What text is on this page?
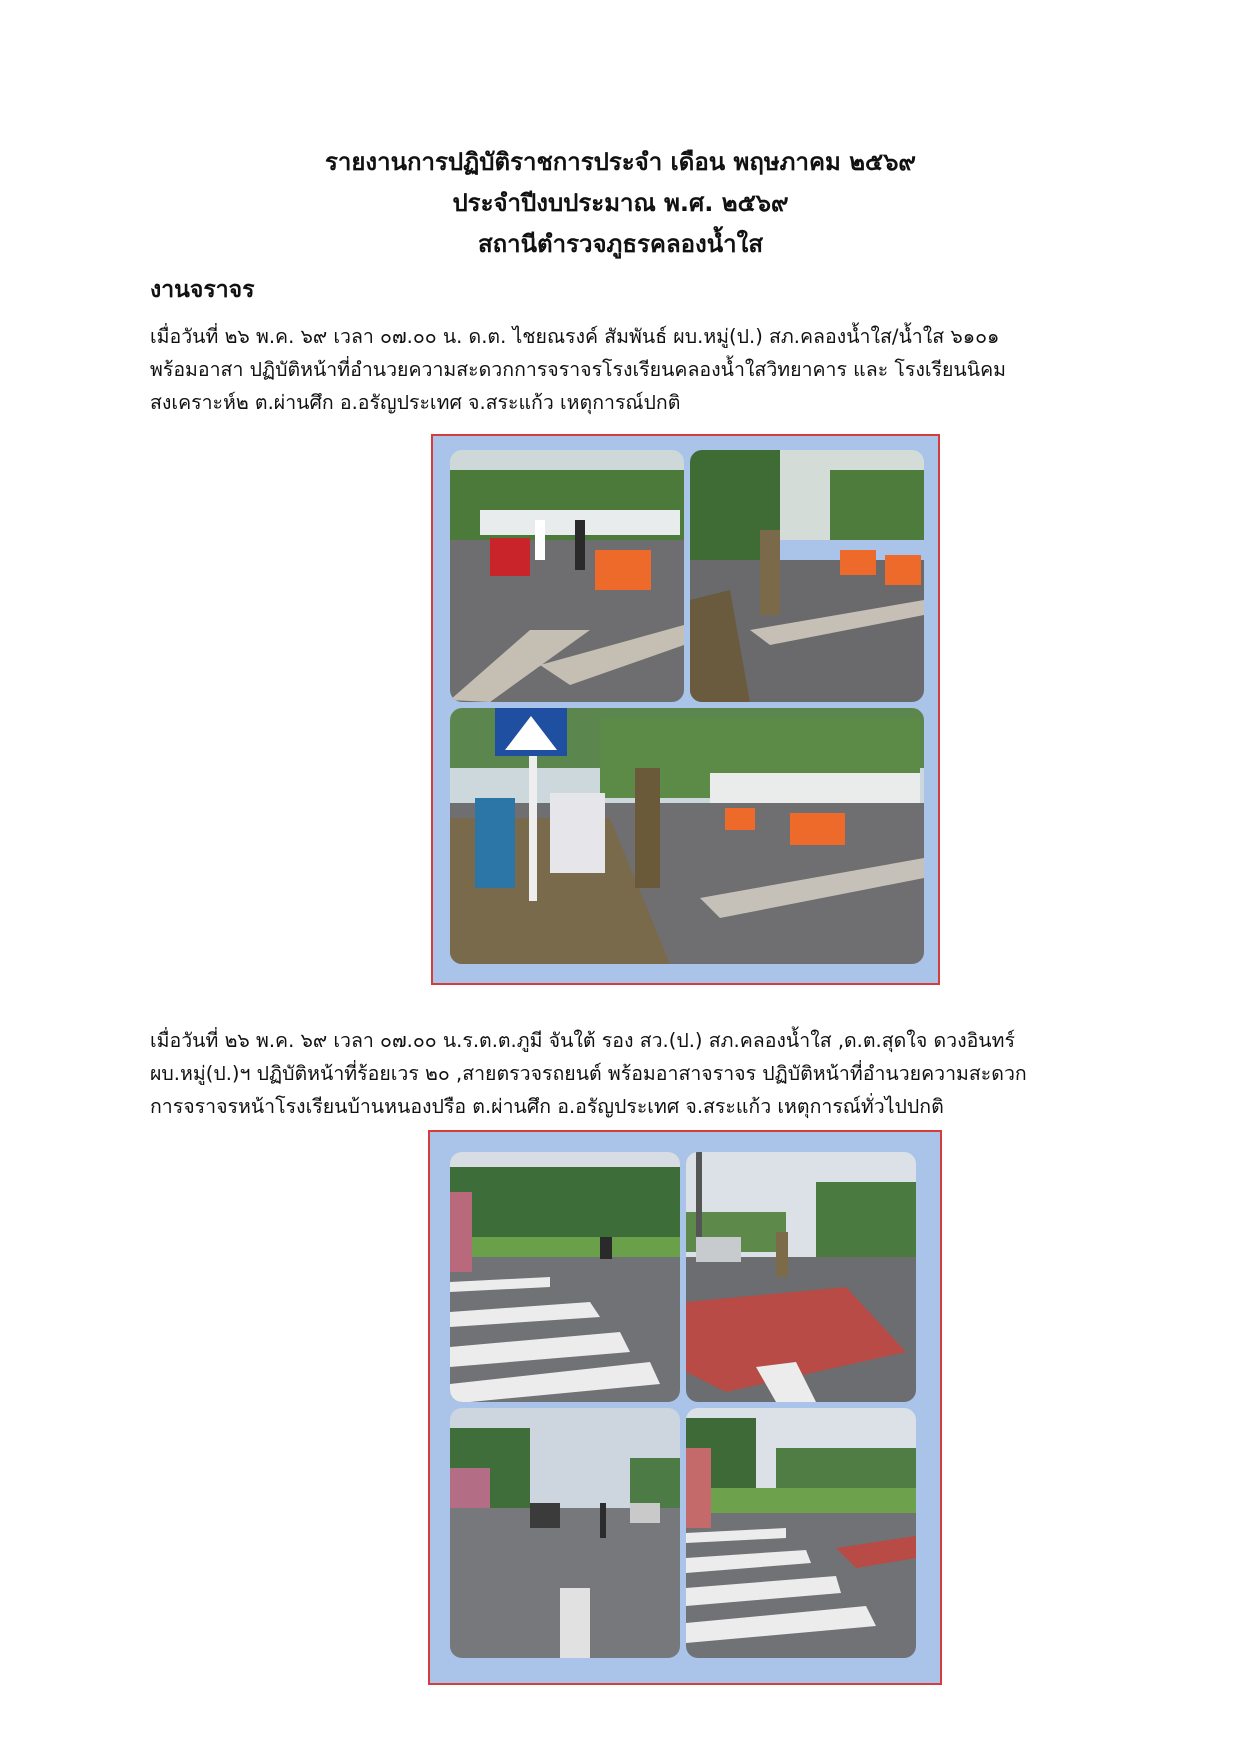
รายงานการปฏิบัติราชการประจำ เดือน พฤษภาคม ๒๕๖๙
ประจำปีงบประมาณ พ.ศ. ๒๕๖๙
สถานีตำรวจภูธรคลองน้ำใส
งานจราจร
เมื่อวันที่ ๒๖ พ.ค. ๖๙ เวลา ๐๗.๐๐ น. ด.ต. ไชยณรงค์ สัมพันธ์ ผบ.หมู่(ป.) สภ.คลองน้ำใส/น้ำใส ๖๑๐๑
พร้อมอาสา ปฏิบัติหน้าที่อำนวยความสะดวกการจราจรโรงเรียนคลองน้ำใสวิทยาคาร และ โรงเรียนนิคม
สงเคราะห์๒ ต.ผ่านศึก อ.อรัญประเทศ จ.สระแก้ว เหตุการณ์ปกติ
เมื่อวันที่ ๒๖ พ.ค. ๖๙ เวลา ๐๗.๐๐ น.ร.ต.ต.ภูมี จันใต้ รอง สว.(ป.) สภ.คลองน้ำใส ,ด.ต.สุดใจ ดวงอินทร์
ผบ.หมู่(ป.)ฯ ปฏิบัติหน้าที่ร้อยเวร ๒๐ ,สายตรวจรถยนต์ พร้อมอาสาจราจร ปฏิบัติหน้าที่อำนวยความสะดวก
การจราจรหน้าโรงเรียนบ้านหนองปรือ ต.ผ่านศึก อ.อรัญประเทศ จ.สระแก้ว เหตุการณ์ทั่วไปปกติ
